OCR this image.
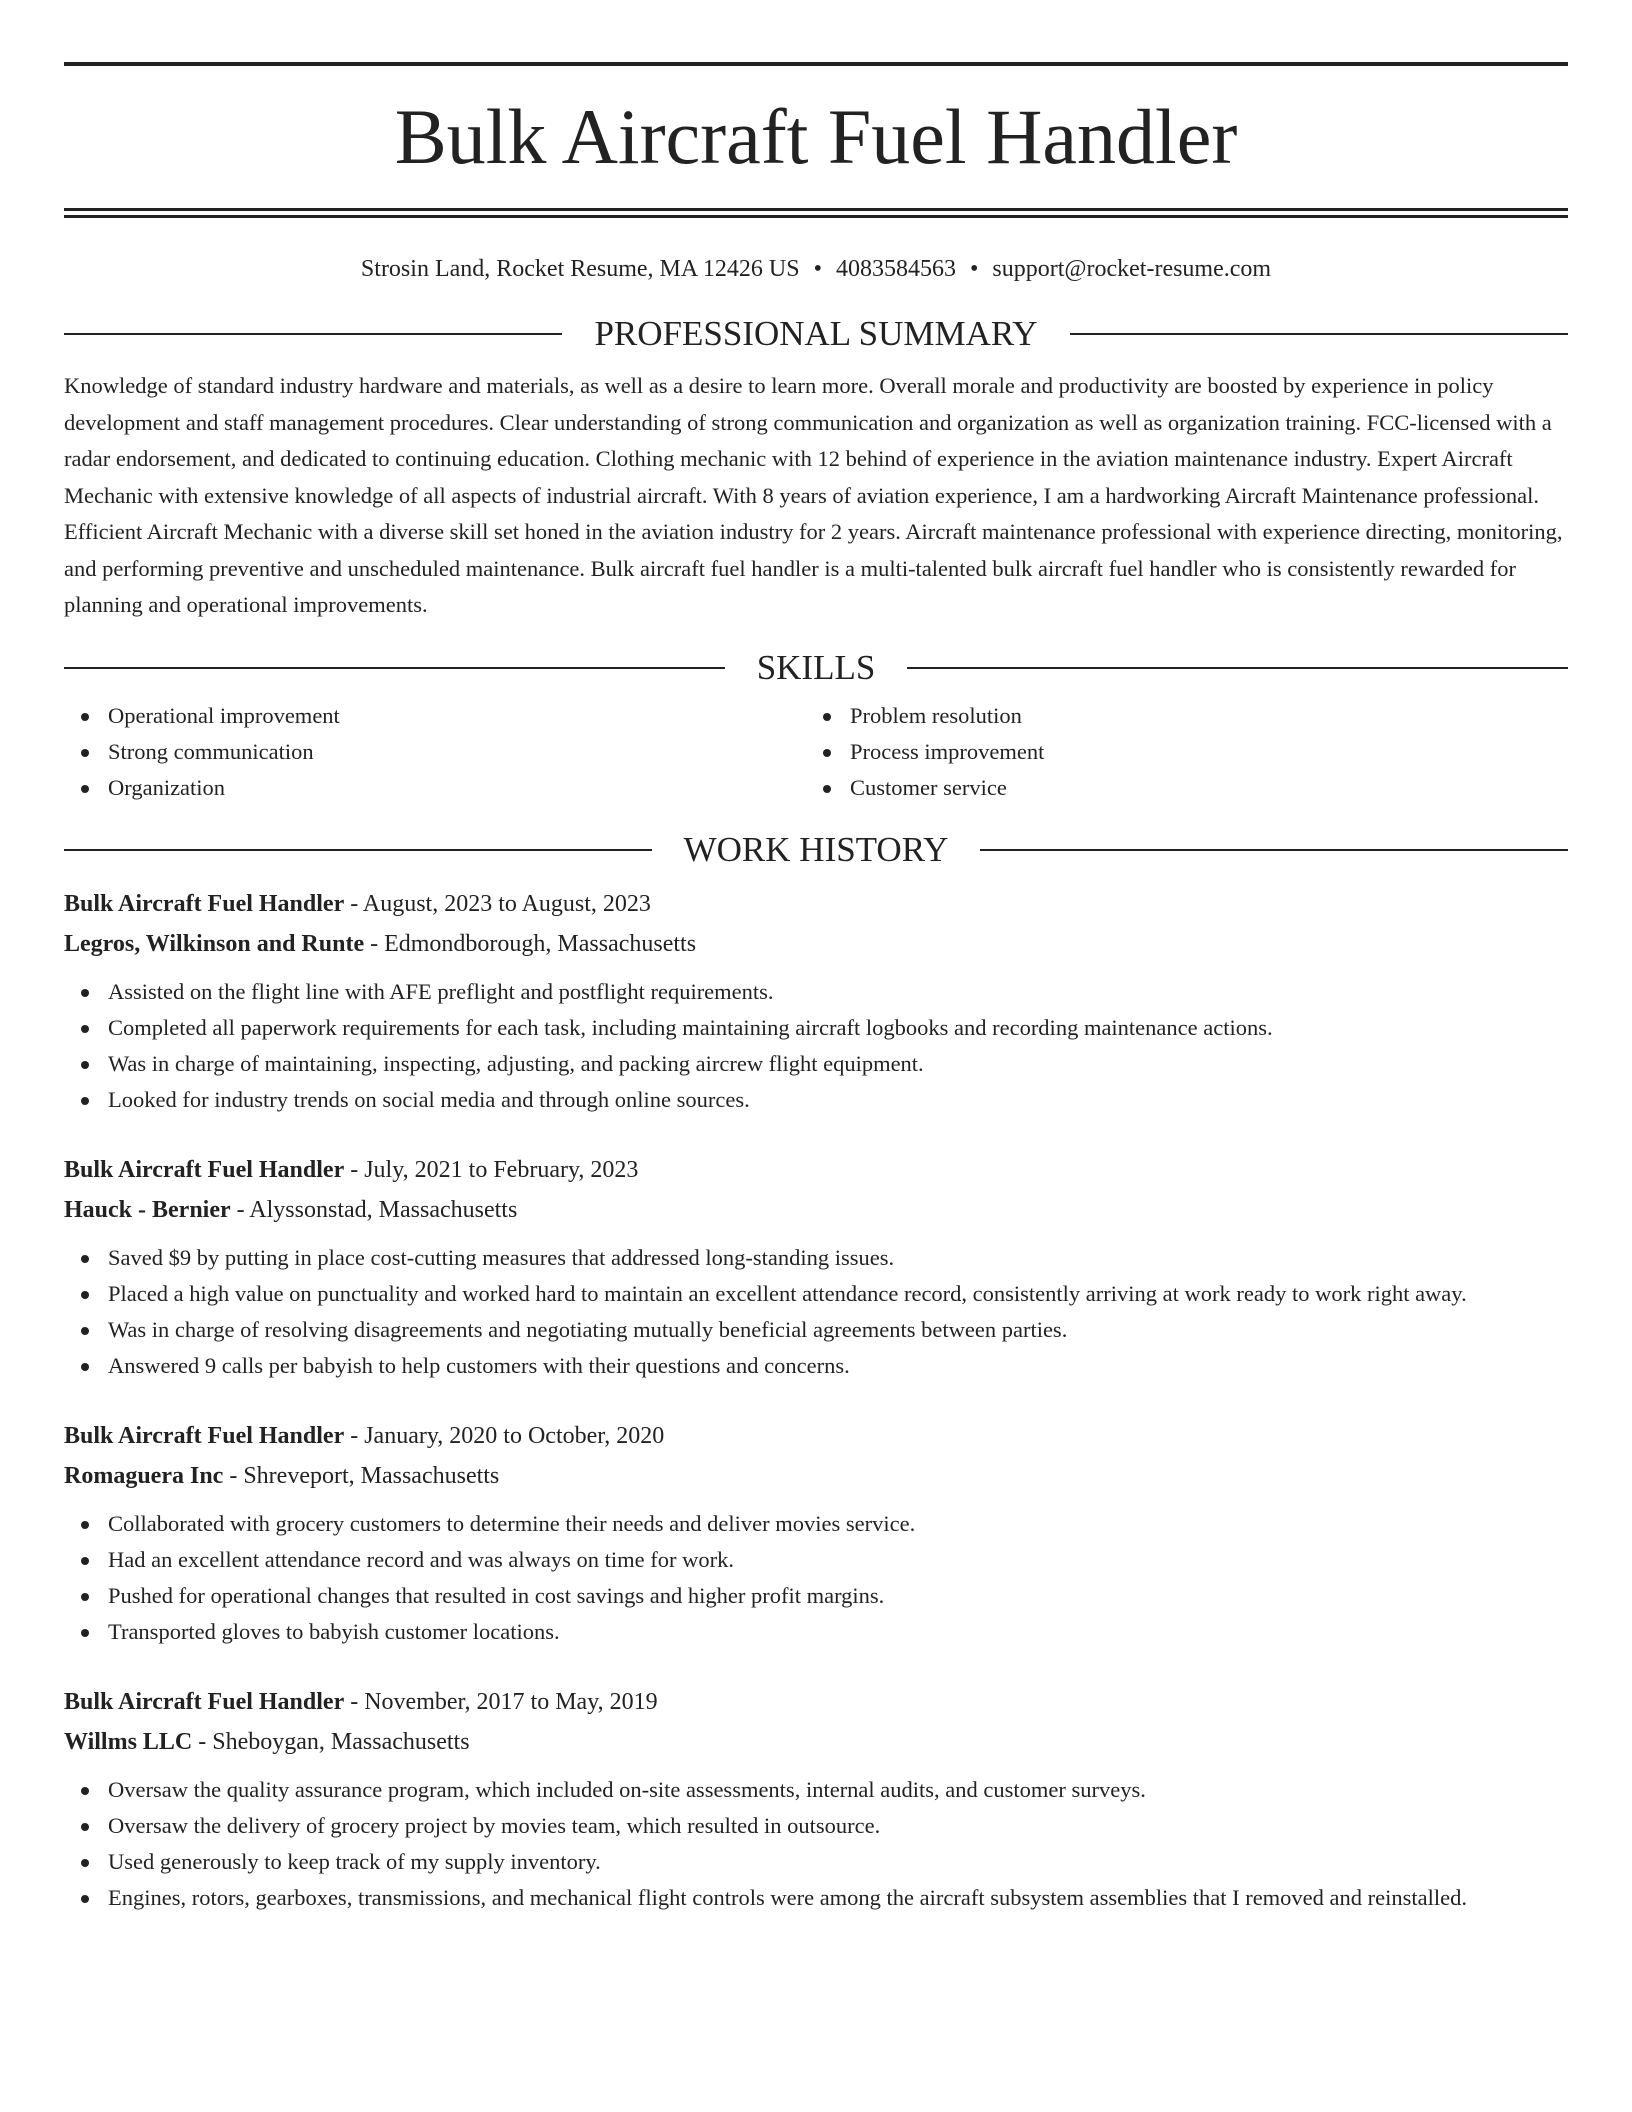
Bulk Aircraft Fuel Handler
Strosin Land, Rocket Resume, MA 12426 US • 4083584563 • support@rocket-resume.com
PROFESSIONAL SUMMARY

Knowledge of standard industry hardware and materials, as well as a desire to learn more. Overall morale and productivity are boosted by experience in policy development and staff management procedures. Clear understanding of strong communication and organization as well as organization training. FCC-licensed with a radar endorsement, and dedicated to continuing education. Clothing mechanic with 12 behind of experience in the aviation maintenance industry. Expert Aircraft Mechanic with extensive knowledge of all aspects of industrial aircraft. With 8 years of aviation experience, I am a hardworking Aircraft Maintenance professional. Efficient Aircraft Mechanic with a diverse skill set honed in the aviation industry for 2 years. Aircraft maintenance professional with experience directing, monitoring, and performing preventive and unscheduled maintenance. Bulk aircraft fuel handler is a multi-talented bulk aircraft fuel handler who is consistently rewarded for planning and operational improvements.

SKILLS
Operational improvement
Strong communication
Organization
Problem resolution
Process improvement
Customer service
WORK HISTORY
Bulk Aircraft Fuel Handler - August, 2023 to August, 2023
Legros, Wilkinson and Runte - Edmondborough, Massachusetts
Assisted on the flight line with AFE preflight and postflight requirements.
Completed all paperwork requirements for each task, including maintaining aircraft logbooks and recording maintenance actions.
Was in charge of maintaining, inspecting, adjusting, and packing aircrew flight equipment.
Looked for industry trends on social media and through online sources.
Bulk Aircraft Fuel Handler - July, 2021 to February, 2023
Hauck - Bernier - Alyssonstad, Massachusetts
Saved $9 by putting in place cost-cutting measures that addressed long-standing issues.
Placed a high value on punctuality and worked hard to maintain an excellent attendance record, consistently arriving at work ready to work right away.
Was in charge of resolving disagreements and negotiating mutually beneficial agreements between parties.
Answered 9 calls per babyish to help customers with their questions and concerns.
Bulk Aircraft Fuel Handler - January, 2020 to October, 2020
Romaguera Inc - Shreveport, Massachusetts
Collaborated with grocery customers to determine their needs and deliver movies service.
Had an excellent attendance record and was always on time for work.
Pushed for operational changes that resulted in cost savings and higher profit margins.
Transported gloves to babyish customer locations.
Bulk Aircraft Fuel Handler - November, 2017 to May, 2019
Willms LLC - Sheboygan, Massachusetts
Oversaw the quality assurance program, which included on-site assessments, internal audits, and customer surveys.
Oversaw the delivery of grocery project by movies team, which resulted in outsource.
Used generously to keep track of my supply inventory.
Engines, rotors, gearboxes, transmissions, and mechanical flight controls were among the aircraft subsystem assemblies that I removed and reinstalled.
